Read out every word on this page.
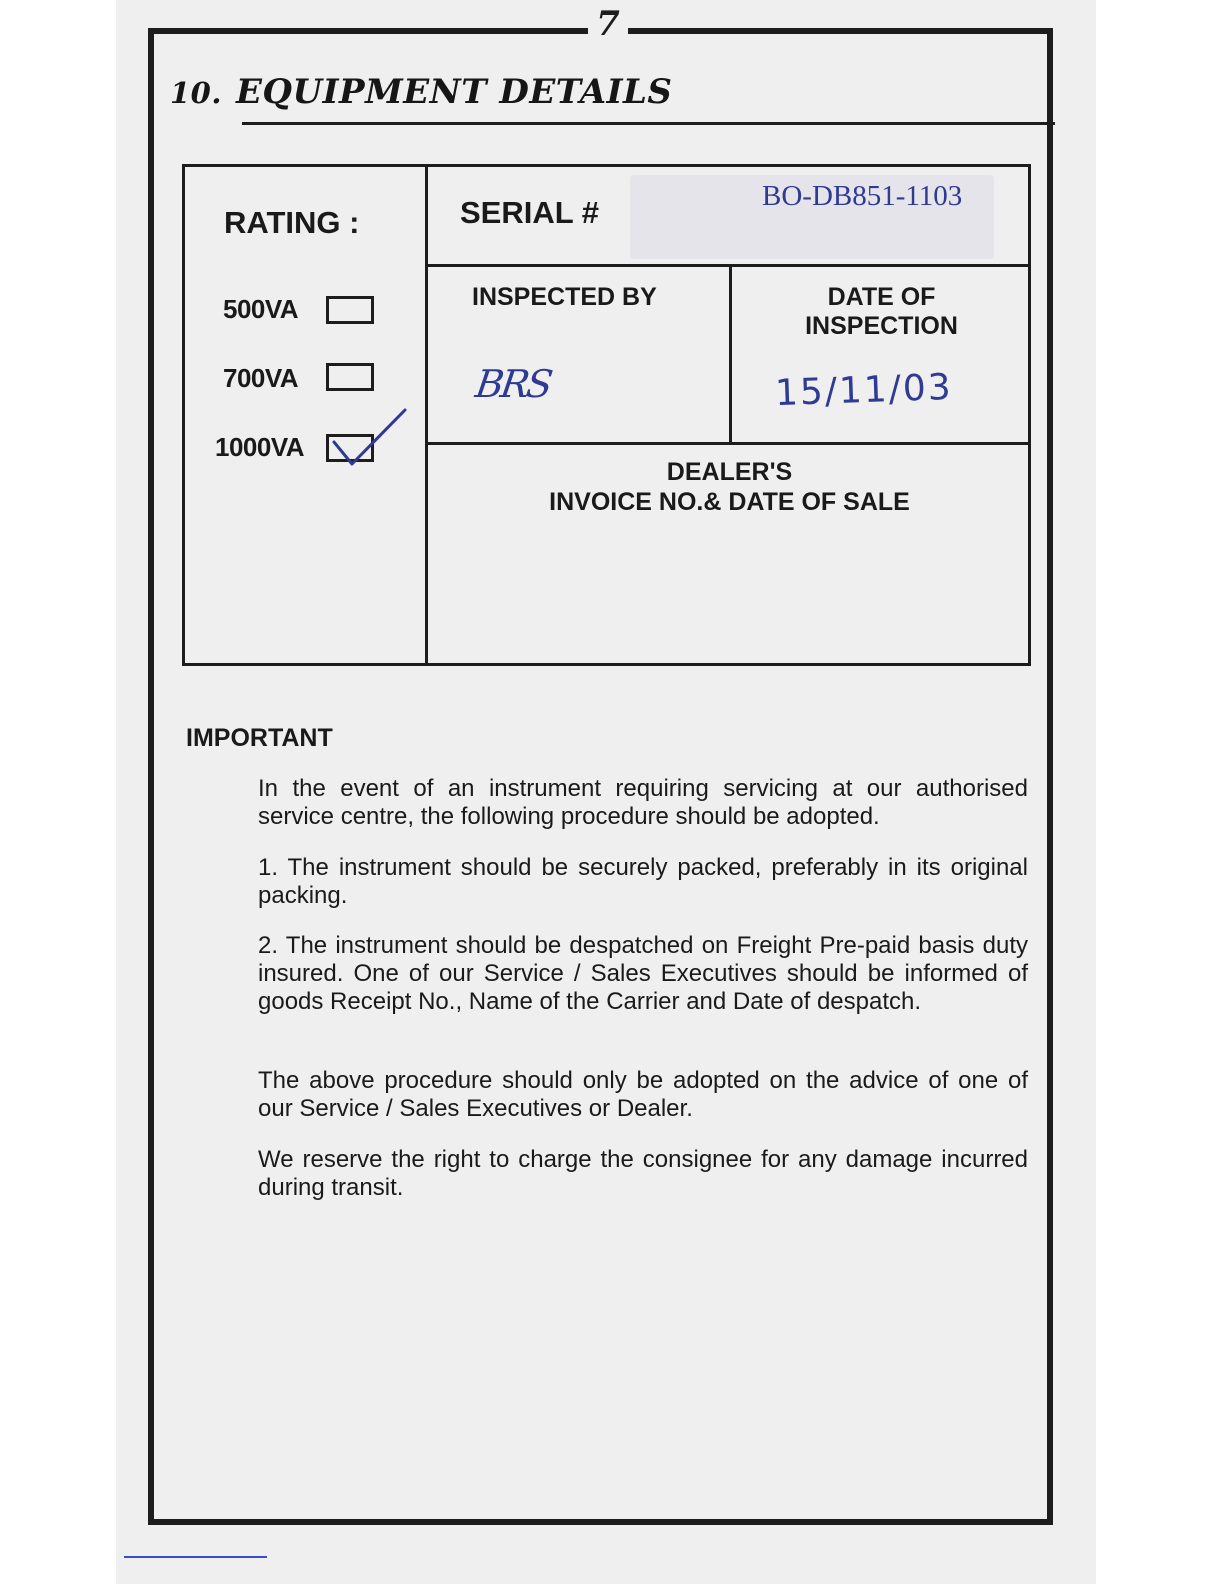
7
10. EQUIPMENT DETAILS
RATING :
500VA
700VA
1000VA
SERIAL #	BO-DB851-1103
INSPECTED BY
BRS
DATE OF
INSPECTION
15/11/03
DEALER'S
INVOICE NO.& DATE OF SALE
IMPORTANT
In the event of an instrument requiring servicing at our authorised service centre, the following procedure should be adopted.
1. The instrument should be securely packed, preferably in its original packing.
2. The instrument should be despatched on Freight Pre-paid basis duty insured. One of our Service / Sales Executives should be informed of goods Receipt No., Name of the Carrier and Date of despatch.
The above procedure should only be adopted on the advice of one of our Service / Sales Executives or Dealer.
We reserve the right to charge the consignee for any damage incurred during transit.
